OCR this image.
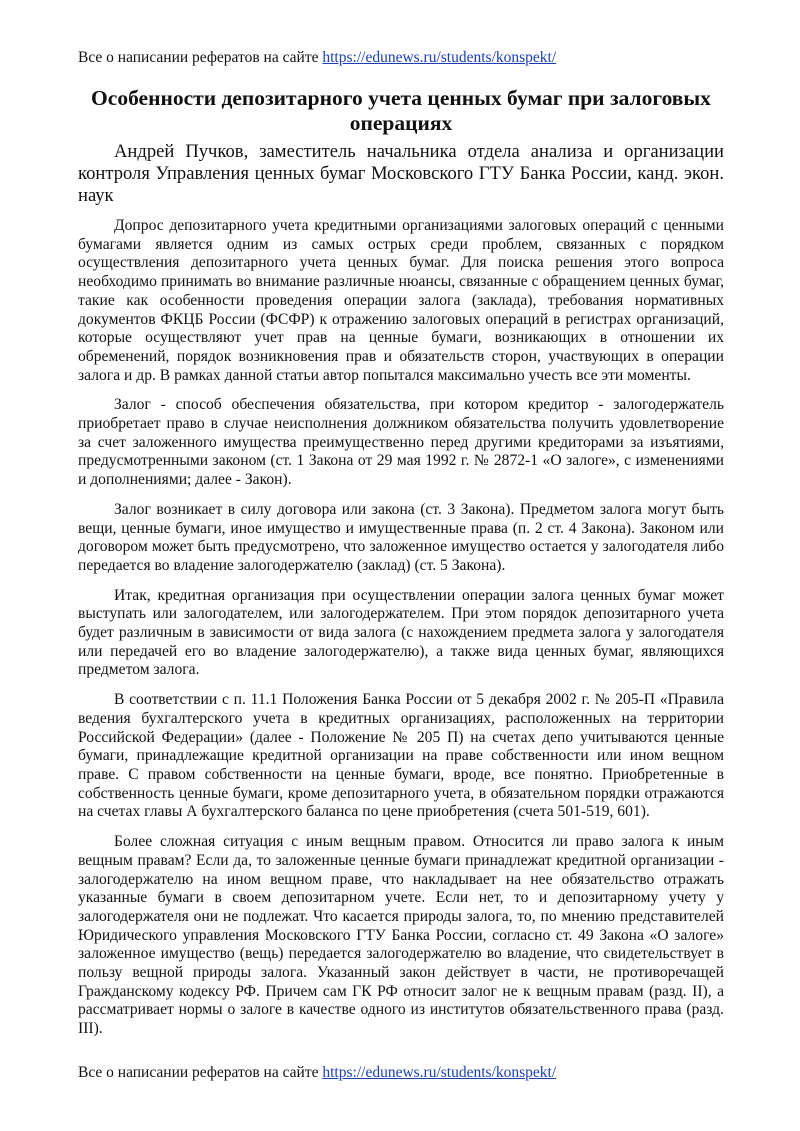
Все о написании рефератов на сайте https://edunews.ru/students/konspekt/
Особенности депозитарного учета ценных бумаг при залоговых операциях
Андрей Пучков, заместитель начальника отдела анализа и организации контроля Управления ценных бумаг Московского ГТУ Банка России, канд. экон. наук

Допрос депозитарного учета кредитными организациями залоговых операций с ценными бумагами является одним из самых острых среди проблем, связанных с порядком осуществления депозитарного учета ценных бумаг. Для поиска решения этого вопроса необходимо принимать во внимание различные нюансы, связанные с обращением ценных бумаг, такие как особенности проведения операции залога (заклада), требования нормативных документов ФКЦБ России (ФСФР) к отражению залоговых операций в регистрах организаций, которые осуществляют учет прав на ценные бумаги, возникающих в отношении их обременений, порядок возникновения прав и обязательств сторон, участвующих в операции залога и др. В рамках данной статьи автор попытался максимально учесть все эти моменты.

Залог - способ обеспечения обязательства, при котором кредитор - залогодержатель приобретает право в случае неисполнения должником обязательства получить удовлетворение за счет заложенного имущества преимущественно перед другими кредиторами за изъятиями, предусмотренными законом (ст. 1 Закона от 29 мая 1992 г. № 2872-1 «О залоге», с изменениями и дополнениями; далее - Закон).

Залог возникает в силу договора или закона (ст. 3 Закона). Предметом залога могут быть вещи, ценные бумаги, иное имущество и имущественные права (п. 2 ст. 4 Закона). Законом или договором может быть предусмотрено, что заложенное имущество остается у залогодателя либо передается во владение залогодержателю (заклад) (ст. 5 Закона).

Итак, кредитная организация при осуществлении операции залога ценных бумаг может выступать или залогодателем, или залогодержателем. При этом порядок депозитарного учета будет различным в зависимости от вида залога (с нахождением предмета залога у залогодателя или передачей его во владение залогодержателю), а также вида ценных бумаг, являющихся предметом залога.

В соответствии с п. 11.1 Положения Банка России от 5 декабря 2002 г. № 205-П «Правила ведения бухгалтерского учета в кредитных организациях, расположенных на территории Российской Федерации» (далее - Положение № 205 П) на счетах депо учитываются ценные бумаги, принадлежащие кредитной организации на праве собственности или ином вещном праве. С правом собственности на ценные бумаги, вроде, все понятно. Приобретенные в собственность ценные бумаги, кроме депозитарного учета, в обязательном порядки отражаются на счетах главы А бухгалтерского баланса по цене приобретения (счета 501-519, 601).

Более сложная ситуация с иным вещным правом. Относится ли право залога к иным вещным правам? Если да, то заложенные ценные бумаги принадлежат кредитной организации - залогодержателю на ином вещном праве, что накладывает на нее обязательство отражать указанные бумаги в своем депозитарном учете. Если нет, то и депозитарному учету у залогодержателя они не подлежат. Что касается природы залога, то, по мнению представителей Юридического управления Московского ГТУ Банка России, согласно ст. 49 Закона «О залоге» заложенное имущество (вещь) передается залогодержателю во владение, что свидетельствует в пользу вещной природы залога. Указанный закон действует в части, не противоречащей Гражданскому кодексу РФ. Причем сам ГК РФ относит залог не к вещным правам (разд. II), а рассматривает нормы о залоге в качестве одного из институтов обязательственного права (разд. III).

Все о написании рефератов на сайте https://edunews.ru/students/konspekt/
